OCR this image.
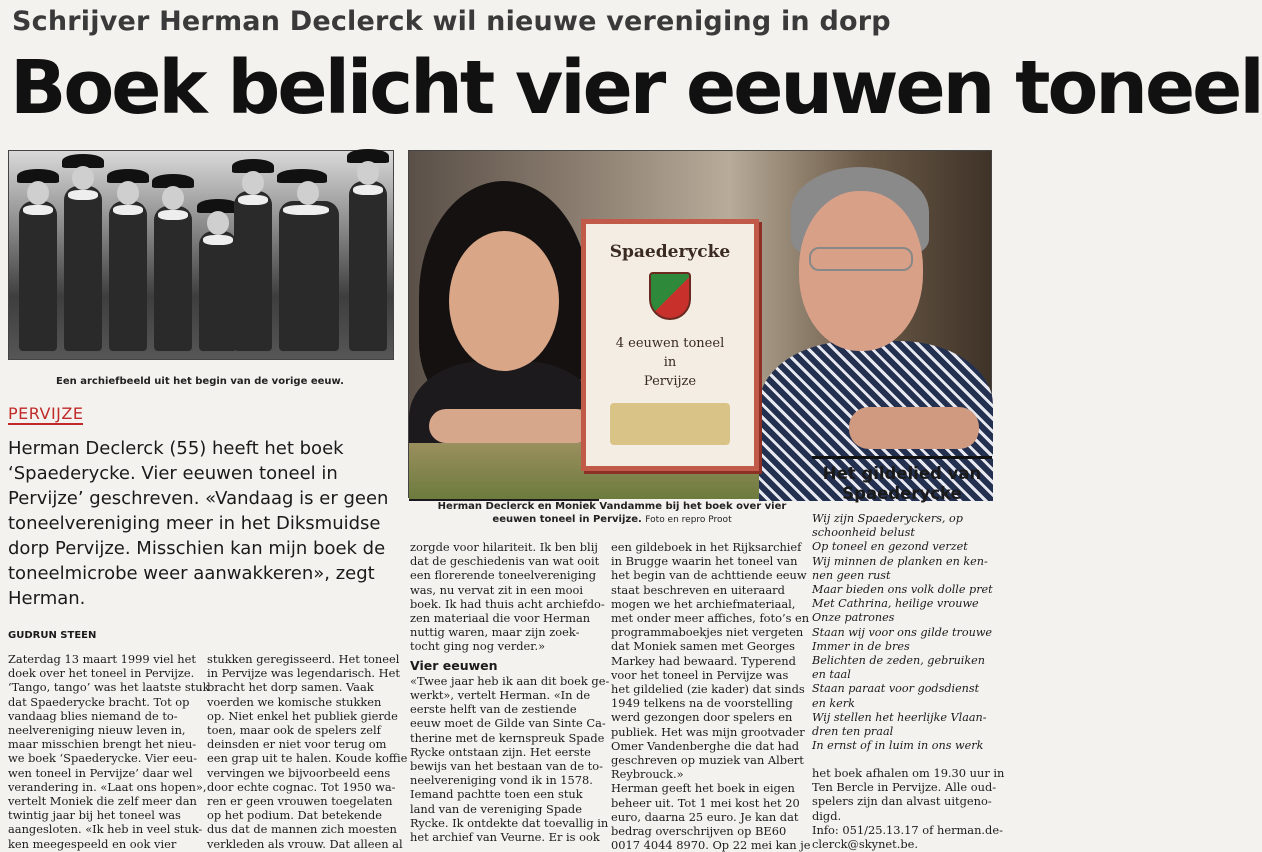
Schrijver Herman Declerck wil nieuwe vereniging in dorp
Boek belicht vier eeuwen toneel
Een archiefbeeld uit het begin van de vorige eeuw.
Spaederycke
4 eeuwen toneel
in
Pervijze
Herman Declerck en Moniek Vandamme bij het boek over vier eeuwen toneel in Pervijze. Foto en repro Proot
PERVIJZE
Herman Declerck (55) heeft het boek ‘Spaederycke. Vier eeuwen toneel in Pervijze’ geschreven. «Vandaag is er geen toneelvereniging meer in het Diksmuidse dorp Pervijze. Misschien kan mijn boek de toneelmicrobe weer aanwakkeren», zegt Herman.
GUDRUN STEEN
Zaterdag 13 maart 1999 viel het
doek over het toneel in Pervijze.
‘Tango, tango’ was het laatste stuk
dat Spaederycke bracht. Tot op
vandaag blies niemand de to-
neelvereniging nieuw leven in,
maar misschien brengt het nieu-
we boek ‘Spaederycke. Vier eeu-
wen toneel in Pervijze’ daar wel
verandering in. «Laat ons hopen»,
vertelt Moniek die zelf meer dan
twintig jaar bij het toneel was
aangesloten. «Ik heb in veel stuk-
ken meegespeeld en ook vier
stukken geregisseerd. Het toneel
in Pervijze was legendarisch. Het
bracht het dorp samen. Vaak
voerden we komische stukken
op. Niet enkel het publiek gierde
toen, maar ook de spelers zelf
deinsden er niet voor terug om
een grap uit te halen. Koude koffie
vervingen we bijvoorbeeld eens
door echte cognac. Tot 1950 wa-
ren er geen vrouwen toegelaten
op het podium. Dat betekende
dus dat de mannen zich moesten
verkleden als vrouw. Dat alleen al
zorgde voor hilariteit. Ik ben blij
dat de geschiedenis van wat ooit
een florerende toneelvereniging
was, nu vervat zit in een mooi
boek. Ik had thuis acht archiefdo-
zen materiaal die voor Herman
nuttig waren, maar zijn zoek-
tocht ging nog verder.»
Vier eeuwen
«Twee jaar heb ik aan dit boek ge-
werkt», vertelt Herman. «In de
eerste helft van de zestiende
eeuw moet de Gilde van Sinte Ca-
therine met de kernspreuk Spade
Rycke ontstaan zijn. Het eerste
bewijs van het bestaan van de to-
neelvereniging vond ik in 1578.
Iemand pachtte toen een stuk
land van de vereniging Spade
Rycke. Ik ontdekte dat toevallig in
het archief van Veurne. Er is ook
een gildeboek in het Rijksarchief
in Brugge waarin het toneel van
het begin van de achttiende eeuw
staat beschreven en uiteraard
mogen we het archiefmateriaal,
met onder meer affiches, foto’s en
programmaboekjes niet vergeten
dat Moniek samen met Georges
Markey had bewaard. Typerend
voor het toneel in Pervijze was
het gildelied (zie kader) dat sinds
1949 telkens na de voorstelling
werd gezongen door spelers en
publiek. Het was mijn grootvader
Omer Vandenberghe die dat had
geschreven op muziek van Albert
Reybrouck.»
Herman geeft het boek in eigen
beheer uit. Tot 1 mei kost het 20
euro, daarna 25 euro. Je kan dat
bedrag overschrijven op BE60
0017 4044 8970. Op 22 mei kan je
Het gildelied van
Spaederycke
Wij zijn Spaederyckers, op
schoonheid belust
Op toneel en gezond verzet
Wij minnen de planken en ken-
nen geen rust
Maar bieden ons volk dolle pret
Met Cathrina, heilige vrouwe
Onze patrones
Staan wij voor ons gilde trouwe
Immer in de bres
Belichten de zeden, gebruiken
en taal
Staan paraat voor godsdienst
en kerk
Wij stellen het heerlijke Vlaan-
dren ten praal
In ernst of in luim in ons werk
het boek afhalen om 19.30 uur in
Ten Bercle in Pervijze. Alle oud-
spelers zijn dan alvast uitgeno-
digd.
Info: 051/25.13.17 of herman.de-
clerck@skynet.be.
